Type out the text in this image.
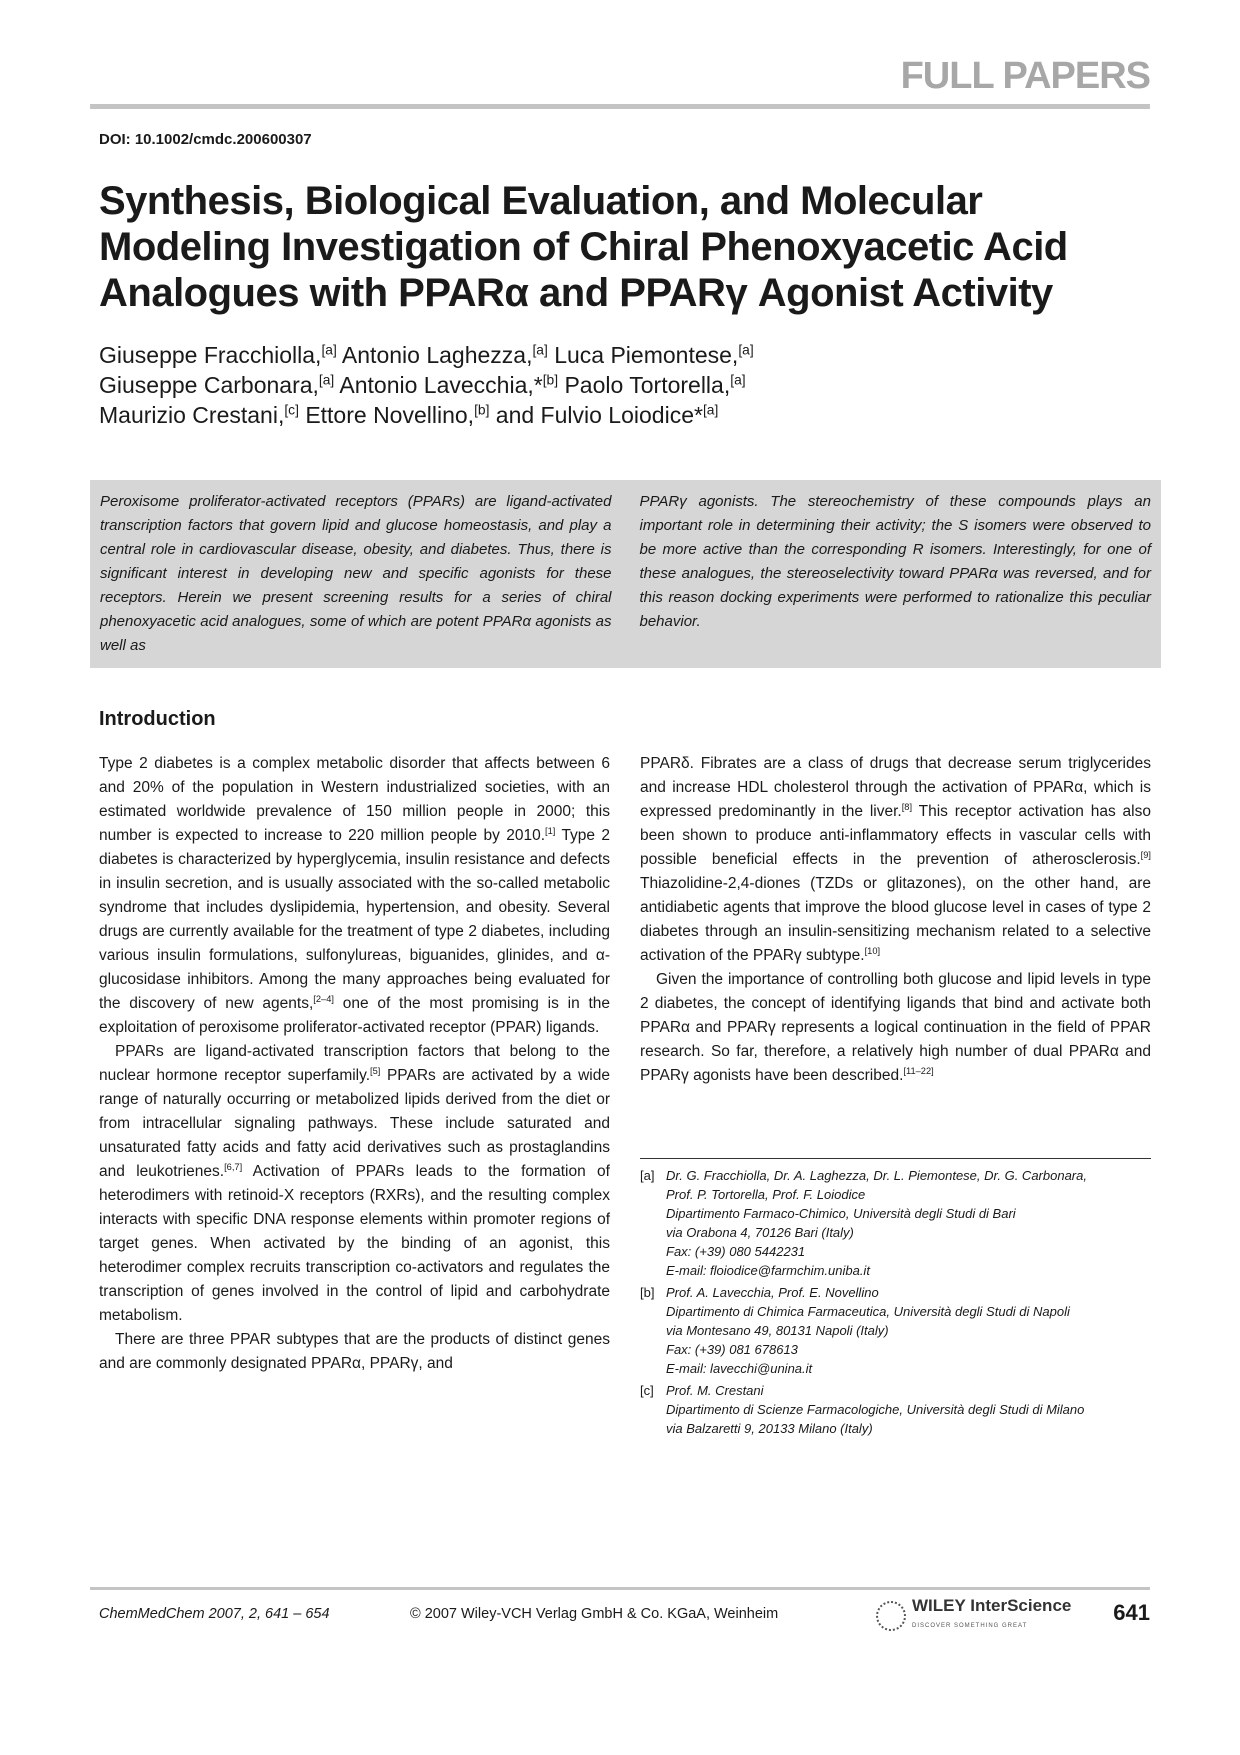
FULL PAPERS
DOI: 10.1002/cmdc.200600307
Synthesis, Biological Evaluation, and Molecular Modeling Investigation of Chiral Phenoxyacetic Acid Analogues with PPARα and PPARγ Agonist Activity
Giuseppe Fracchiolla,[a] Antonio Laghezza,[a] Luca Piemontese,[a]
Giuseppe Carbonara,[a] Antonio Lavecchia,*[b] Paolo Tortorella,[a]
Maurizio Crestani,[c] Ettore Novellino,[b] and Fulvio Loiodice*[a]

Peroxisome proliferator-activated receptors (PPARs) are ligand-activated transcription factors that govern lipid and glucose homeostasis, and play a central role in cardiovascular disease, obesity, and diabetes. Thus, there is significant interest in developing new and specific agonists for these receptors. Herein we present screening results for a series of chiral phenoxyacetic acid analogues, some of which are potent PPARα agonists as well as

PPARγ agonists. The stereochemistry of these compounds plays an important role in determining their activity; the S isomers were observed to be more active than the corresponding R isomers. Interestingly, for one of these analogues, the stereoselectivity toward PPARα was reversed, and for this reason docking experiments were performed to rationalize this peculiar behavior.

Introduction

Type 2 diabetes is a complex metabolic disorder that affects between 6 and 20% of the population in Western industrialized societies, with an estimated worldwide prevalence of 150 million people in 2000; this number is expected to increase to 220 million people by 2010.[1] Type 2 diabetes is characterized by hyperglycemia, insulin resistance and defects in insulin secretion, and is usually associated with the so-called metabolic syndrome that includes dyslipidemia, hypertension, and obesity. Several drugs are currently available for the treatment of type 2 diabetes, including various insulin formulations, sulfonylureas, biguanides, glinides, and α-glucosidase inhibitors. Among the many approaches being evaluated for the discovery of new agents,[2–4] one of the most promising is in the exploitation of peroxisome proliferator-activated receptor (PPAR) ligands.

PPARs are ligand-activated transcription factors that belong to the nuclear hormone receptor superfamily.[5] PPARs are activated by a wide range of naturally occurring or metabolized lipids derived from the diet or from intracellular signaling pathways. These include saturated and unsaturated fatty acids and fatty acid derivatives such as prostaglandins and leukotrienes.[6,7] Activation of PPARs leads to the formation of heterodimers with retinoid-X receptors (RXRs), and the resulting complex interacts with specific DNA response elements within promoter regions of target genes. When activated by the binding of an agonist, this heterodimer complex recruits transcription co-activators and regulates the transcription of genes involved in the control of lipid and carbohydrate metabolism.

There are three PPAR subtypes that are the products of distinct genes and are commonly designated PPARα, PPARγ, and

PPARδ. Fibrates are a class of drugs that decrease serum triglycerides and increase HDL cholesterol through the activation of PPARα, which is expressed predominantly in the liver.[8] This receptor activation has also been shown to produce anti-inflammatory effects in vascular cells with possible beneficial effects in the prevention of atherosclerosis.[9] Thiazolidine-2,4-diones (TZDs or glitazones), on the other hand, are antidiabetic agents that improve the blood glucose level in cases of type 2 diabetes through an insulin-sensitizing mechanism related to a selective activation of the PPARγ subtype.[10]

Given the importance of controlling both glucose and lipid levels in type 2 diabetes, the concept of identifying ligands that bind and activate both PPARα and PPARγ represents a logical continuation in the field of PPAR research. So far, therefore, a relatively high number of dual PPARα and PPARγ agonists have been described.[11–22]

[a] Dr. G. Fracchiolla, Dr. A. Laghezza, Dr. L. Piemontese, Dr. G. Carbonara,
Prof. P. Tortorella, Prof. F. Loiodice
Dipartimento Farmaco-Chimico, Università degli Studi di Bari
via Orabona 4, 70126 Bari (Italy)
Fax: (+39) 080 5442231
E-mail: floiodice@farmchim.uniba.it
[b] Prof. A. Lavecchia, Prof. E. Novellino
Dipartimento di Chimica Farmaceutica, Università degli Studi di Napoli
via Montesano 49, 80131 Napoli (Italy)
Fax: (+39) 081 678613
E-mail: lavecchi@unina.it
[c] Prof. M. Crestani
Dipartimento di Scienze Farmacologiche, Università degli Studi di Milano
via Balzaretti 9, 20133 Milano (Italy)
ChemMedChem 2007, 2, 641 – 654	© 2007 Wiley-VCH Verlag GmbH & Co. KGaA, Weinheim	WILEY InterScience
DISCOVER SOMETHING GREAT
641
